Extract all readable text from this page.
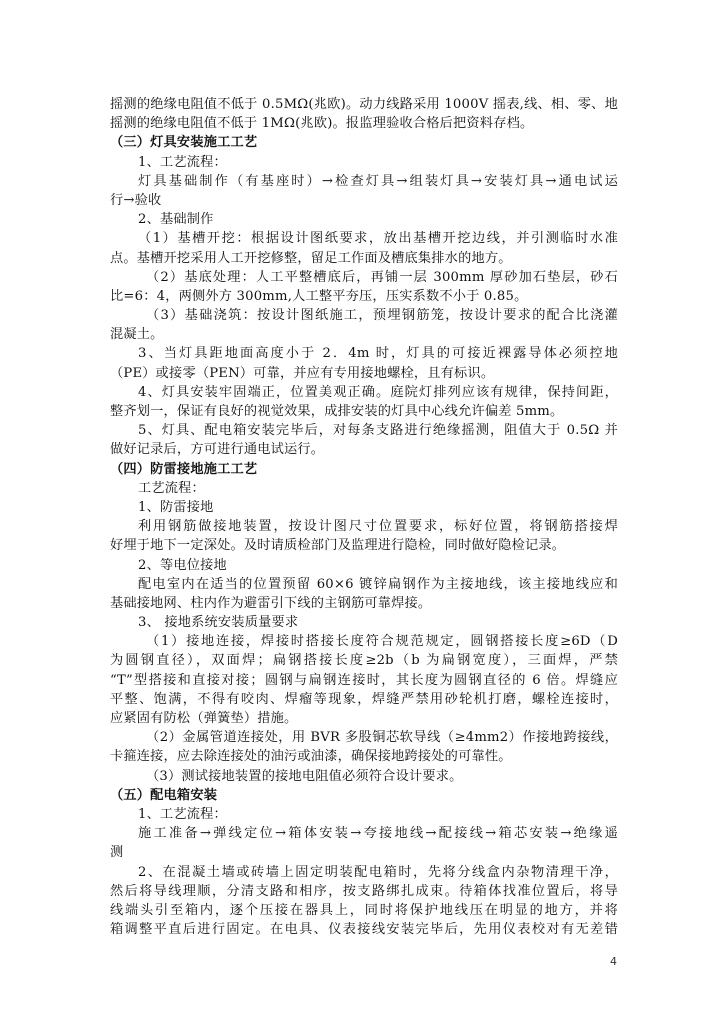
摇测的绝缘电阻值不低于 0.5MΩ(兆欧)。动力线路采用 1000V 摇表,线、相、零、地
摇测的绝缘电阻值不低于 1MΩ(兆欧)。报监理验收合格后把资料存档。
（三）灯具安装施工工艺
1、工艺流程：
灯具基础制作（有基座时）→检查灯具→组装灯具→安装灯具→通电试运
行→验收
2、基础制作
（1）基槽开挖：根据设计图纸要求，放出基槽开挖边线，并引测临时水准
点。基槽开挖采用人工开挖修整，留足工作面及槽底集排水的地方。
（2）基底处理：人工平整槽底后，再铺一层 300mm 厚砂加石垫层，砂石
比=6：4，两侧外方 300mm,人工整平夯压，压实系数不小于 0.85。
（3）基础浇筑：按设计图纸施工，预埋钢筋笼，按设计要求的配合比浇灌
混凝土。
3、当灯具距地面高度小于 2．4m 时，灯具的可接近裸露导体必须控地
（PE）或接零（PEN）可靠，并应有专用接地螺栓，且有标识。
4、灯具安装牢固端正，位置美观正确。庭院灯排列应该有规律，保持间距，
整齐划一，保证有良好的视觉效果，成排安装的灯具中心线允许偏差 5mm。
5、灯具、配电箱安装完毕后，对每条支路进行绝缘摇测，阻值大于 0.5Ω 并
做好记录后，方可进行通电试运行。
（四）防雷接地施工工艺
工艺流程：
1、防雷接地
利用钢筋做接地装置，按设计图尺寸位置要求，标好位置，将钢筋搭接焊
好埋于地下一定深处。及时请质检部门及监理进行隐检，同时做好隐检记录。
2、等电位接地
配电室内在适当的位置预留 60×6 镀锌扁钢作为主接地线，该主接地线应和
基础接地网、柱内作为避雷引下线的主钢筋可靠焊接。
3、 接地系统安装质量要求
（1）接地连接，焊接时搭接长度符合规范规定，圆钢搭接长度≥6D（D
为圆钢直径），双面焊；扁钢搭接长度≥2b（b 为扁钢宽度），三面焊，严禁
“T”型搭接和直接对接；圆钢与扁钢连接时，其长度为圆钢直径的 6 倍。焊缝应
平整、饱满，不得有咬肉、焊瘤等现象，焊缝严禁用砂轮机打磨，螺栓连接时，
应紧固有防松（弹簧垫）措施。
（2）金属管道连接处，用 BVR 多股铜芯软导线（≥4mm2）作接地跨接线，
卡箍连接，应去除连接处的油污或油漆，确保接地跨接处的可靠性。
（3）测试接地装置的接地电阻值必须符合设计要求。
（五）配电箱安装
1、工艺流程：
施工准备→弹线定位→箱体安装→夸接地线→配接线→箱芯安装→绝缘遥
测
2、在混凝土墙或砖墙上固定明装配电箱时，先将分线盒内杂物清理干净，
然后将导线理顺，分清支路和相序，按支路绑扎成束。待箱体找准位置后，将导
线端头引至箱内，逐个压接在器具上，同时将保护地线压在明显的地方，并将
箱调整平直后进行固定。在电具、仪表接线安装完毕后，先用仪表校对有无差错
4
